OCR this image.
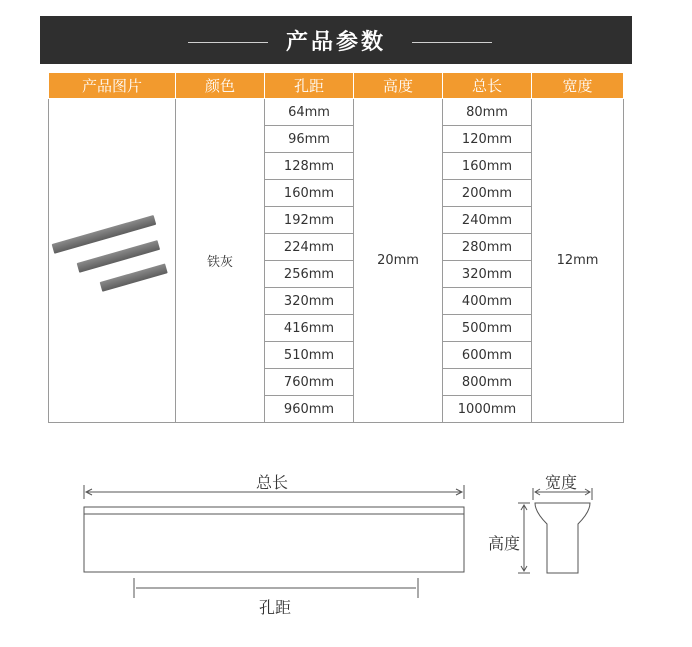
产品参数
产品图片	颜色	孔距	高度	总长	宽度

	铁灰	64mm	20mm	80mm	12mm
		96mm		120mm	
		128mm		160mm	
		160mm		200mm	
		192mm		240mm	
		224mm		280mm	
		256mm		320mm	
		320mm		400mm	
		416mm		500mm	
		510mm		600mm	
		760mm		800mm	
		960mm		1000mm	
总长
孔距
宽度
高度
